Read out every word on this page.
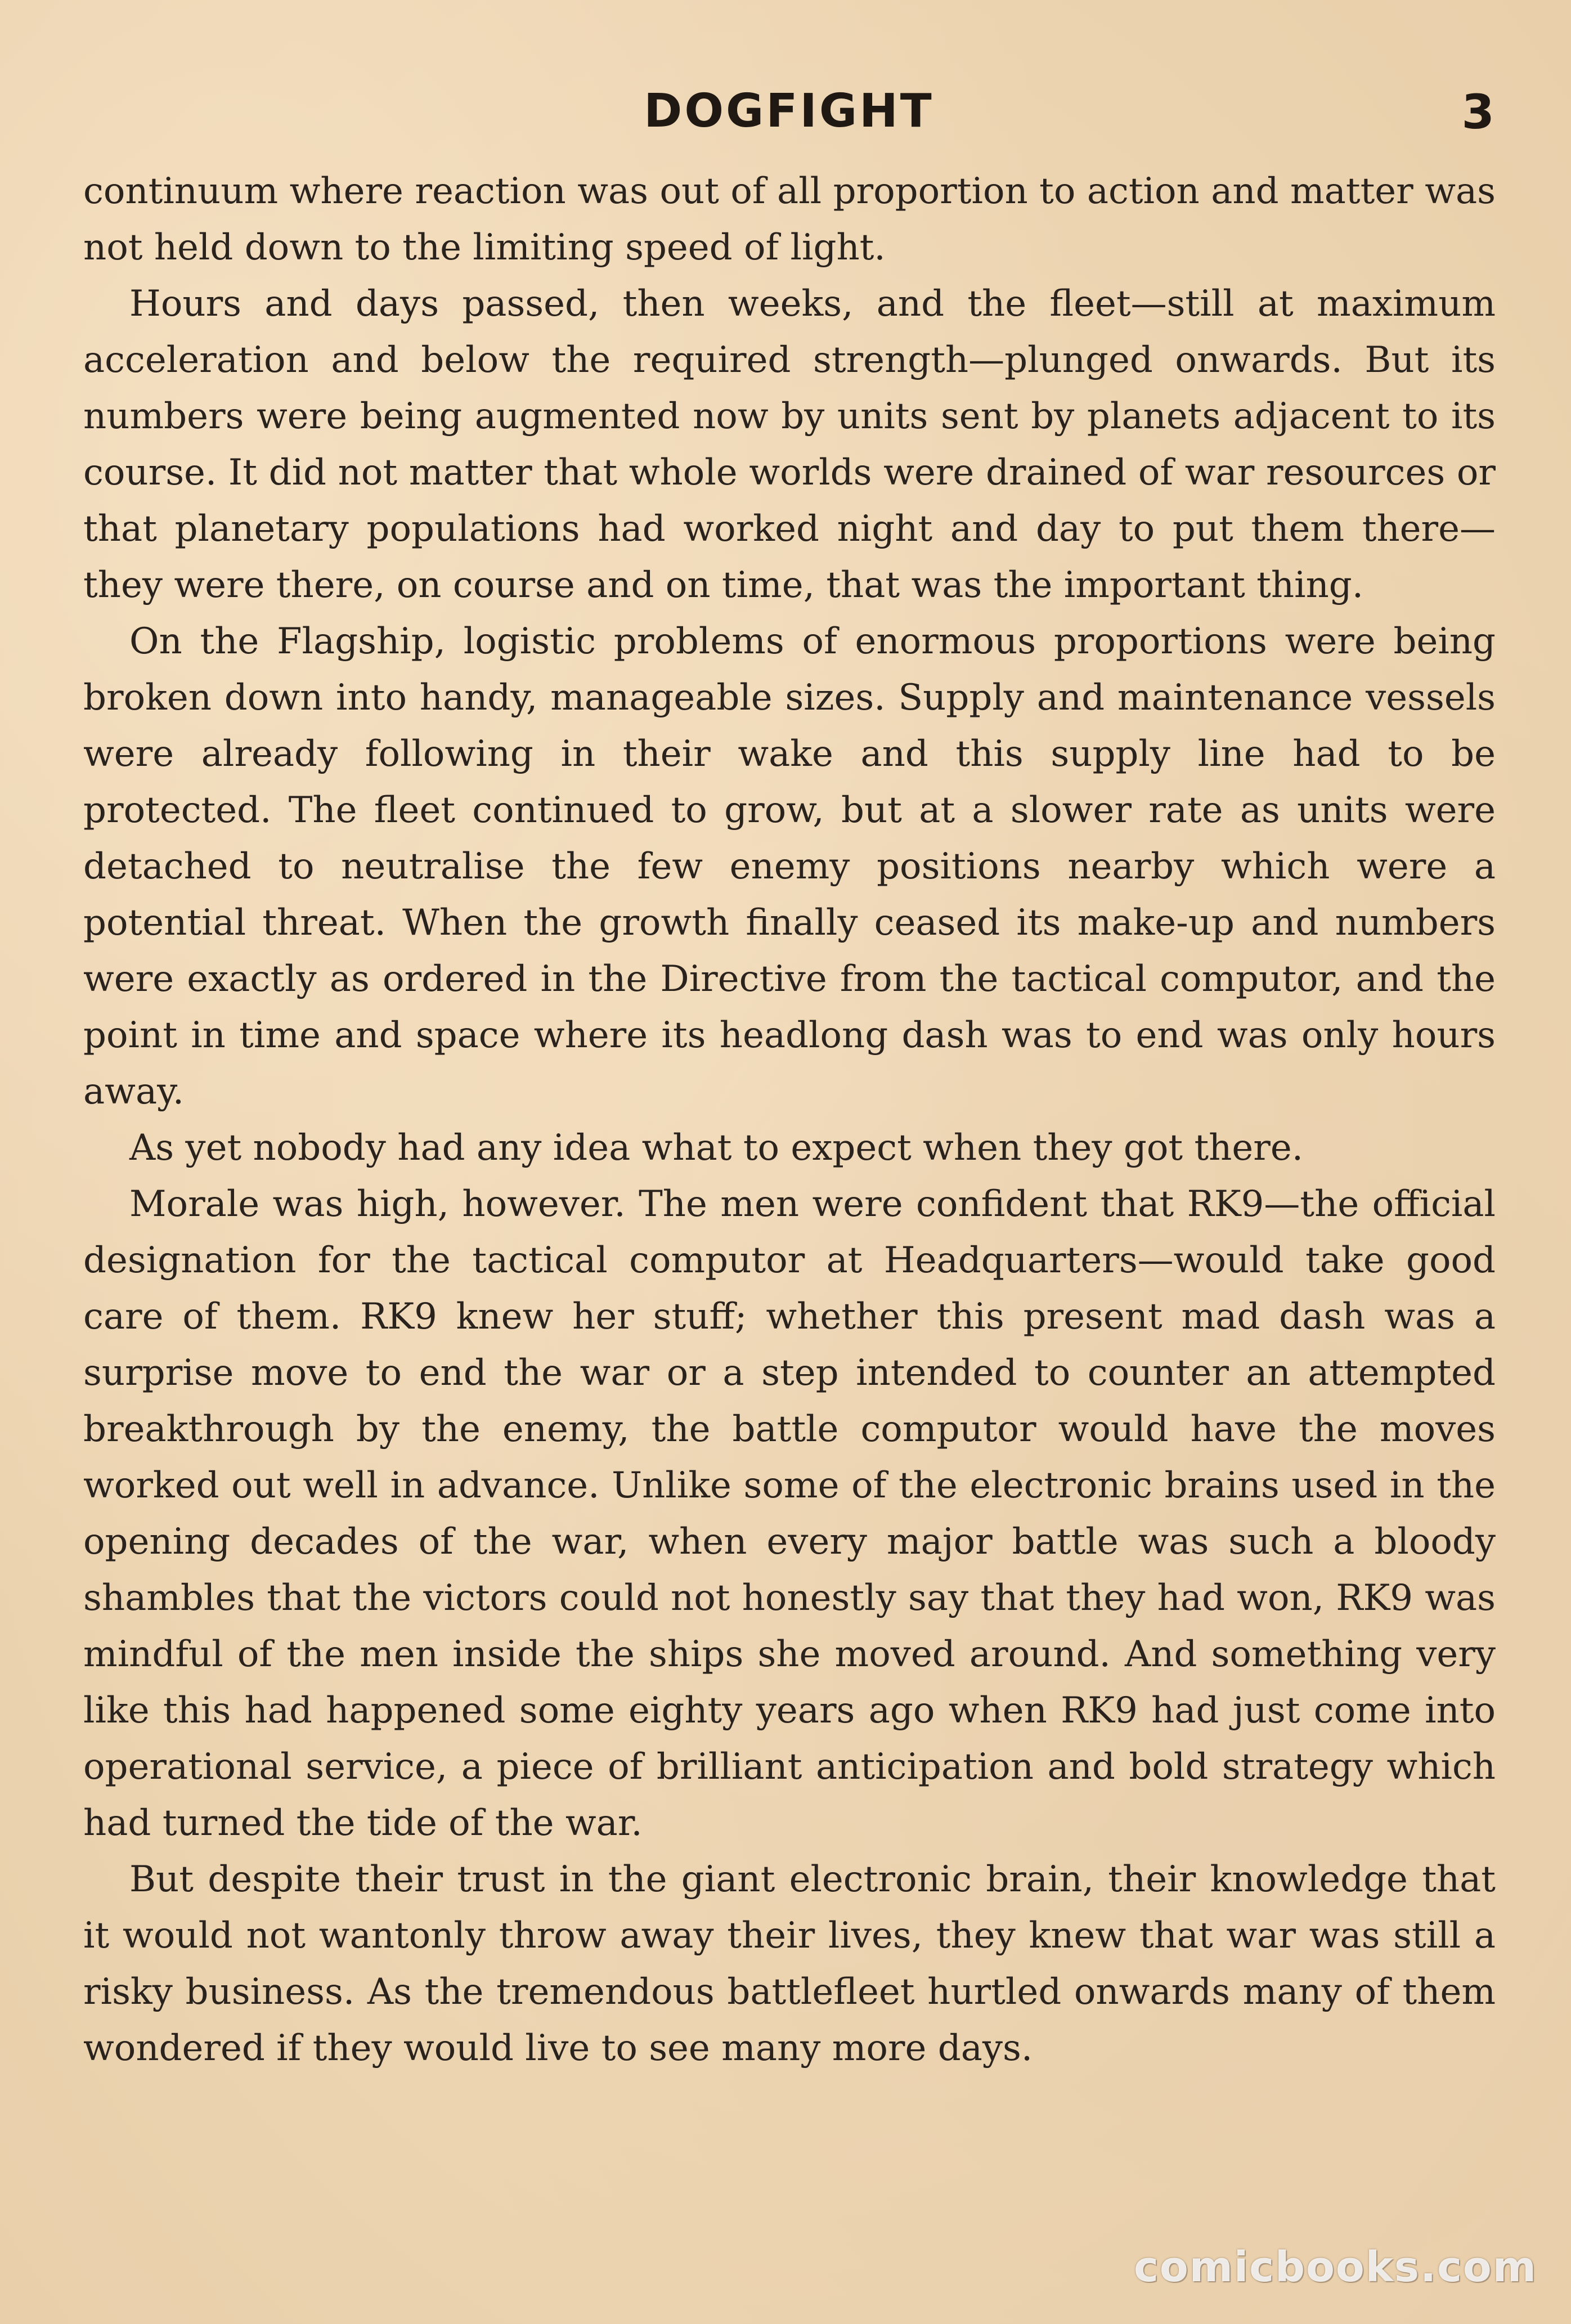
DOGFIGHT	3

continuum where reaction was out of all proportion to action and matter was not held down to the limiting speed of light.

Hours and days passed, then weeks, and the fleet—still at maximum acceleration and below the required strength—plunged onwards. But its numbers were being augmented now by units sent by planets adjacent to its course. It did not matter that whole worlds were drained of war resources or that planetary populations had worked night and day to put them there—they were there, on course and on time, that was the important thing.

On the Flagship, logistic problems of enormous proportions were being broken down into handy, manageable sizes. Supply and maintenance vessels were already following in their wake and this supply line had to be protected. The fleet continued to grow, but at a slower rate as units were detached to neutralise the few enemy positions nearby which were a potential threat. When the growth finally ceased its make-up and numbers were exactly as ordered in the Directive from the tactical computor, and the point in time and space where its headlong dash was to end was only hours away.

As yet nobody had any idea what to expect when they got there.

Morale was high, however. The men were confident that RK9—the official designation for the tactical computor at Headquarters—would take good care of them. RK9 knew her stuff; whether this present mad dash was a surprise move to end the war or a step intended to counter an attempted breakthrough by the enemy, the battle computor would have the moves worked out well in advance. Unlike some of the electronic brains used in the opening decades of the war, when every major battle was such a bloody shambles that the victors could not honestly say that they had won, RK9 was mindful of the men inside the ships she moved around. And something very like this had happened some eighty years ago when RK9 had just come into operational service, a piece of brilliant anticipation and bold strategy which had turned the tide of the war.

But despite their trust in the giant electronic brain, their knowledge that it would not wantonly throw away their lives, they knew that war was still a risky business. As the tremendous battlefleet hurtled onwards many of them wondered if they would live to see many more days.

comicbooks.com
